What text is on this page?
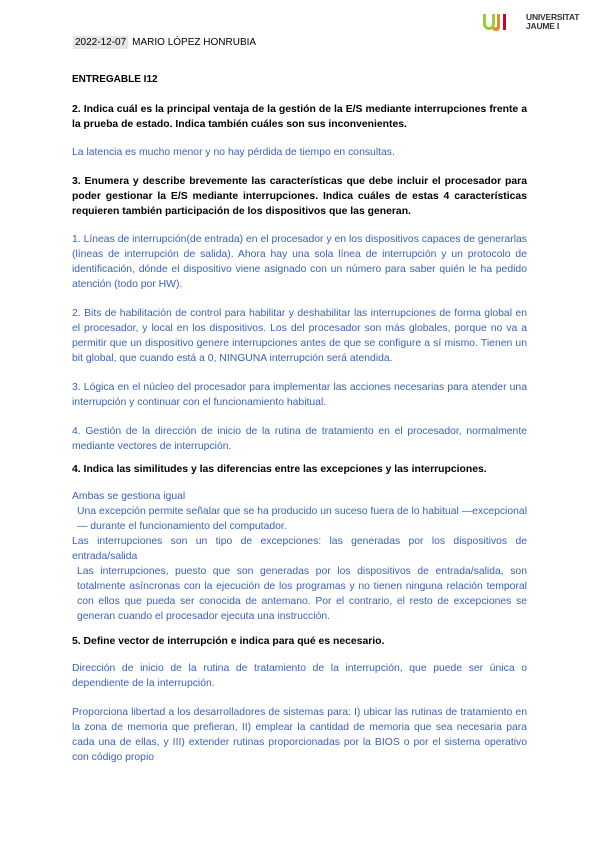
2022-12-07 MARIO LÓPEZ HONRUBIA
UNIVERSITAT
JAUME I

ENTREGABLE I12

2. Indica cuál es la principal ventaja de la gestión de la E/S mediante interrupciones frente a la prueba de estado. Indica también cuáles son sus inconvenientes.

La latencia es mucho menor y no hay pérdida de tiempo en consultas.

3. Enumera y describe brevemente las características que debe incluir el procesador para poder gestionar la E/S mediante interrupciones. Indica cuáles de estas 4 características requieren también participación de los dispositivos que las generan.

1. Líneas de interrupción(de entrada) en el procesador y en los dispositivos capaces de generarlas (líneas de interrupción de salida). Ahora hay una sola línea de interrupción y un protocolo de identificación, dónde el dispositivo viene asignado con un número para saber quién le ha pedido atención (todo por HW).

2. Bits de habilitación de control para habilitar y deshabilitar las interrupciones de forma global en el procesador, y local en los dispositivos. Los del procesador son más globales, porque no va a permitir que un dispositivo genere interrupciones antes de que se configure a sí mismo. Tienen un bit global, que cuando está a 0, NINGUNA interrupción será atendida.

3. Lógica en el núcleo del procesador para implementar las acciones necesarias para atender una interrupción y continuar con el funcionamiento habitual.

4. Gestión de la dirección de inicio de la rutina de tratamiento en el procesador, normalmente mediante vectores de interrupción.

4. Indica las similitudes y las diferencias entre las excepciones y las interrupciones.

Ambas se gestiona igual

Una excepción permite señalar que se ha producido un suceso fuera de lo habitual —excepcional— durante el funcionamiento del computador.

Las interrupciones son un tipo de excepciones: las generadas por los dispositivos de entrada/salida

Las interrupciones, puesto que son generadas por los dispositivos de entrada/salida, son totalmente asíncronas con la ejecución de los programas y no tienen ninguna relación temporal con ellos que pueda ser conocida de antemano. Por el contrario, el resto de excepciones se generan cuando el procesador ejecuta una instrucción.

5. Define vector de interrupción e indica para qué es necesario.

Dirección de inicio de la rutina de tratamiento de la interrupción, que puede ser única o dependiente de la interrupción.

Proporciona libertad a los desarrolladores de sistemas para: I) ubicar las rutinas de tratamiento en la zona de memoria que prefieran, II) emplear la cantidad de memoria que sea necesaria para cada una de ellas, y III) extender rutinas proporcionadas por la BIOS o por el sistema operativo con código propio
